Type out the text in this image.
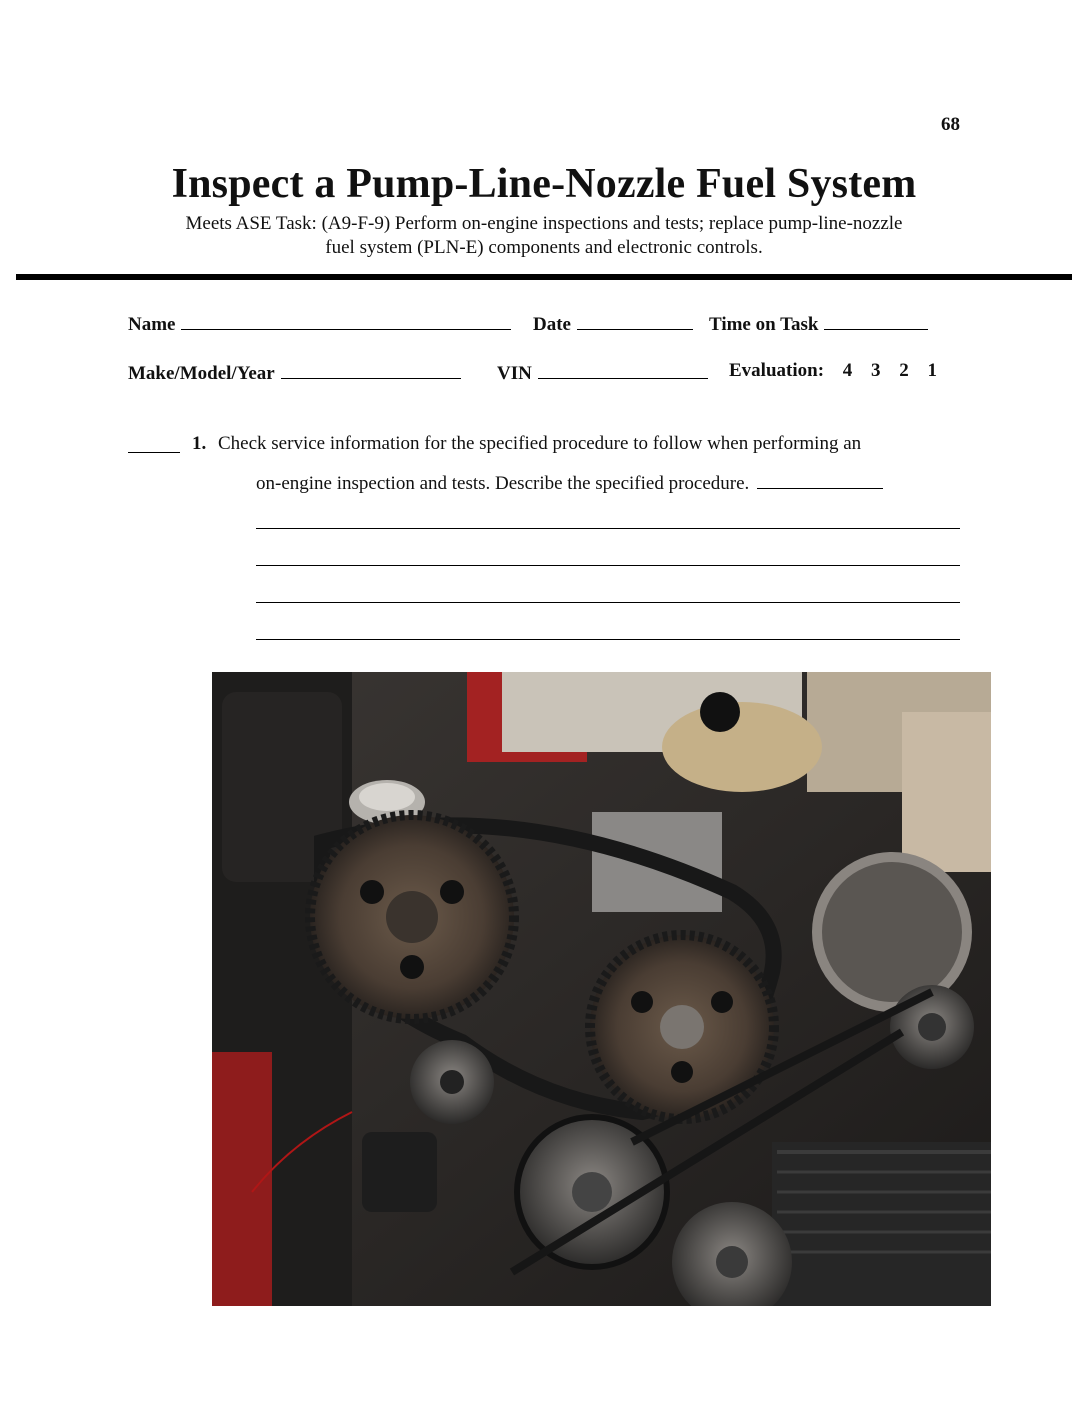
68
Inspect a Pump-Line-Nozzle Fuel System
Meets ASE Task: (A9-F-9) Perform on-engine inspections and tests; replace pump-line-nozzle
fuel system (PLN-E) components and electronic controls.
Name	Date	Time on Task
Make/Model/Year	VIN	Evaluation: 4 3 2 1
1. Check service information for the specified procedure to follow when performing an
on-engine inspection and tests. Describe the specified procedure.
